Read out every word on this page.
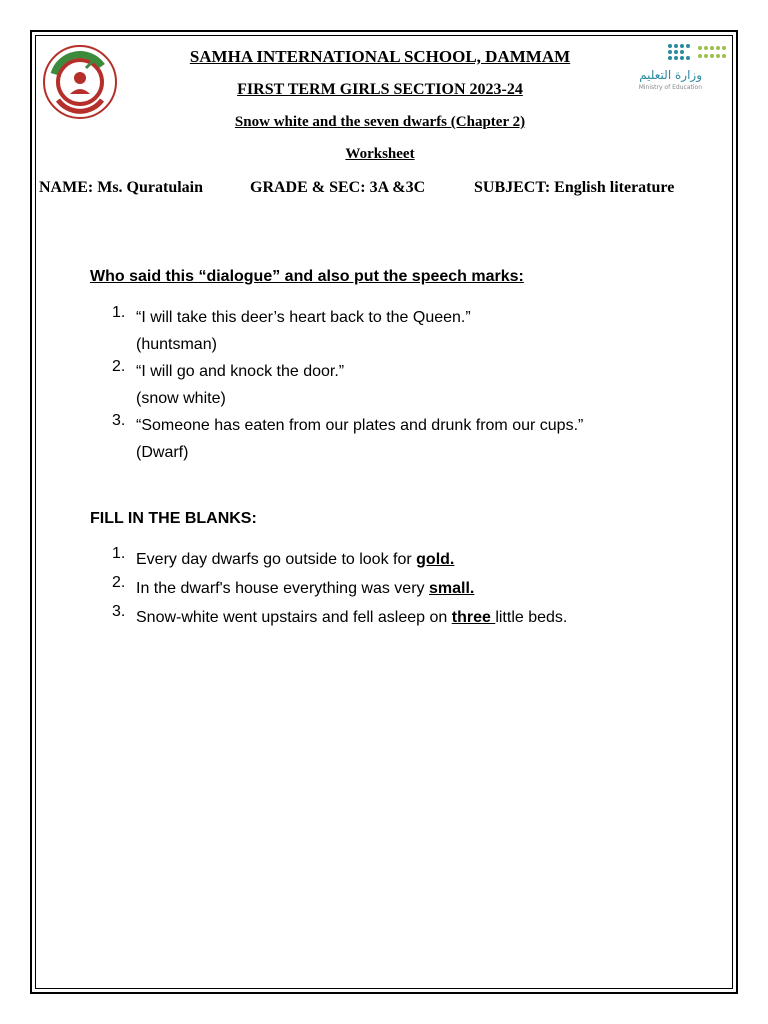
وزارة التعليم
Ministry of Education
SAMHA INTERNATIONAL SCHOOL, DAMMAM
FIRST TERM GIRLS SECTION 2023-24
Snow white and the seven dwarfs (Chapter 2)
Worksheet
NAME: Ms. Quratulain	GRADE & SEC: 3A &3C	SUBJECT: English literature
Who said this “dialogue” and also put the speech marks:
1. “I will take this deer’s heart back to the Queen.”
(huntsman)
2. “I will go and knock the door.”
(snow white)
3. “Someone has eaten from our plates and drunk from our cups.”
(Dwarf)
FILL IN THE BLANKS:
1. Every day dwarfs go outside to look for gold.
2. In the dwarf's house everything was very small.
3. Snow-white went upstairs and fell asleep on three little beds.
